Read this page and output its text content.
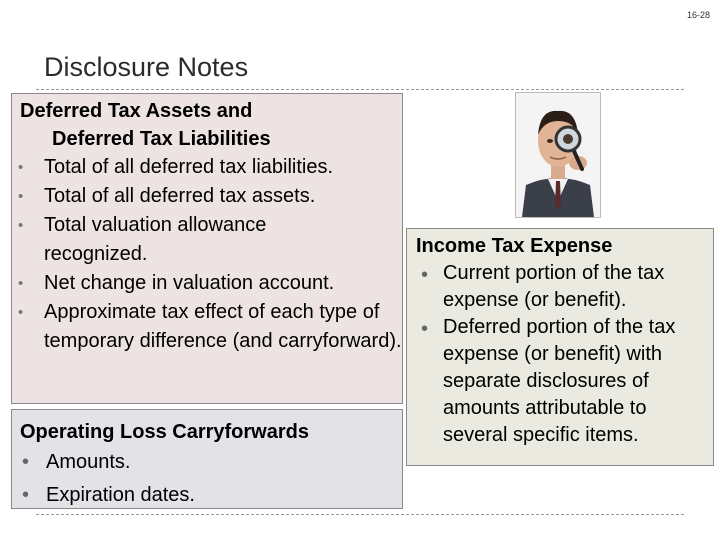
16-28
Disclosure Notes
Deferred Tax Assets and
Deferred Tax Liabilities
• Total of all deferred tax liabilities.
• Total of all deferred tax assets.
• Total valuation allowance recognized.
• Net change in valuation account.
• Approximate tax effect of each type of temporary difference (and carryforward).
Operating Loss Carryforwards
• Amounts.
• Expiration dates.
Income Tax Expense
• Current portion of the tax expense (or benefit).
• Deferred portion of the tax expense (or benefit) with separate disclosures of amounts attributable to several specific items.
